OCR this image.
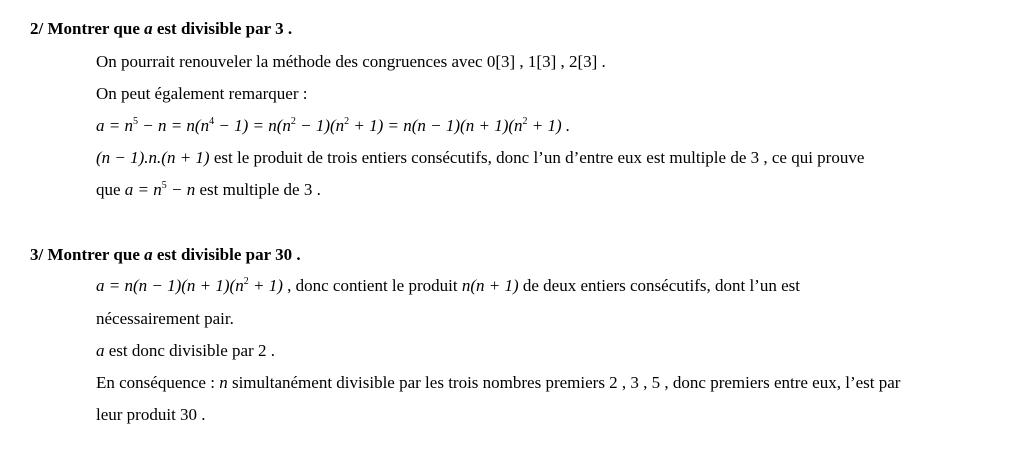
2/ Montrer que a est divisible par 3 .
On pourrait renouveler la méthode des congruences avec 0[3] , 1[3] , 2[3] .
On peut également remarquer :
$a = n^5 - n = n(n^4 - 1) = n(n^2 - 1)(n^2 + 1) = n(n - 1)(n + 1)(n^2 + 1)$ .
(n − 1).n.(n + 1) est le produit de trois entiers consécutifs, donc l’un d’entre eux est multiple de 3 , ce qui prouve
que $a = n^5 - n$ est multiple de 3 .
3/ Montrer que a est divisible par 30 .
$a = n(n - 1)(n + 1)(n^2 + 1)$ , donc contient le produit n(n + 1) de deux entiers consécutifs, dont l’un est
nécessairement pair.
a est donc divisible par 2 .
En conséquence : n simultanément divisible par les trois nombres premiers 2 , 3 , 5 , donc premiers entre eux, l’est par
leur produit 30 .
